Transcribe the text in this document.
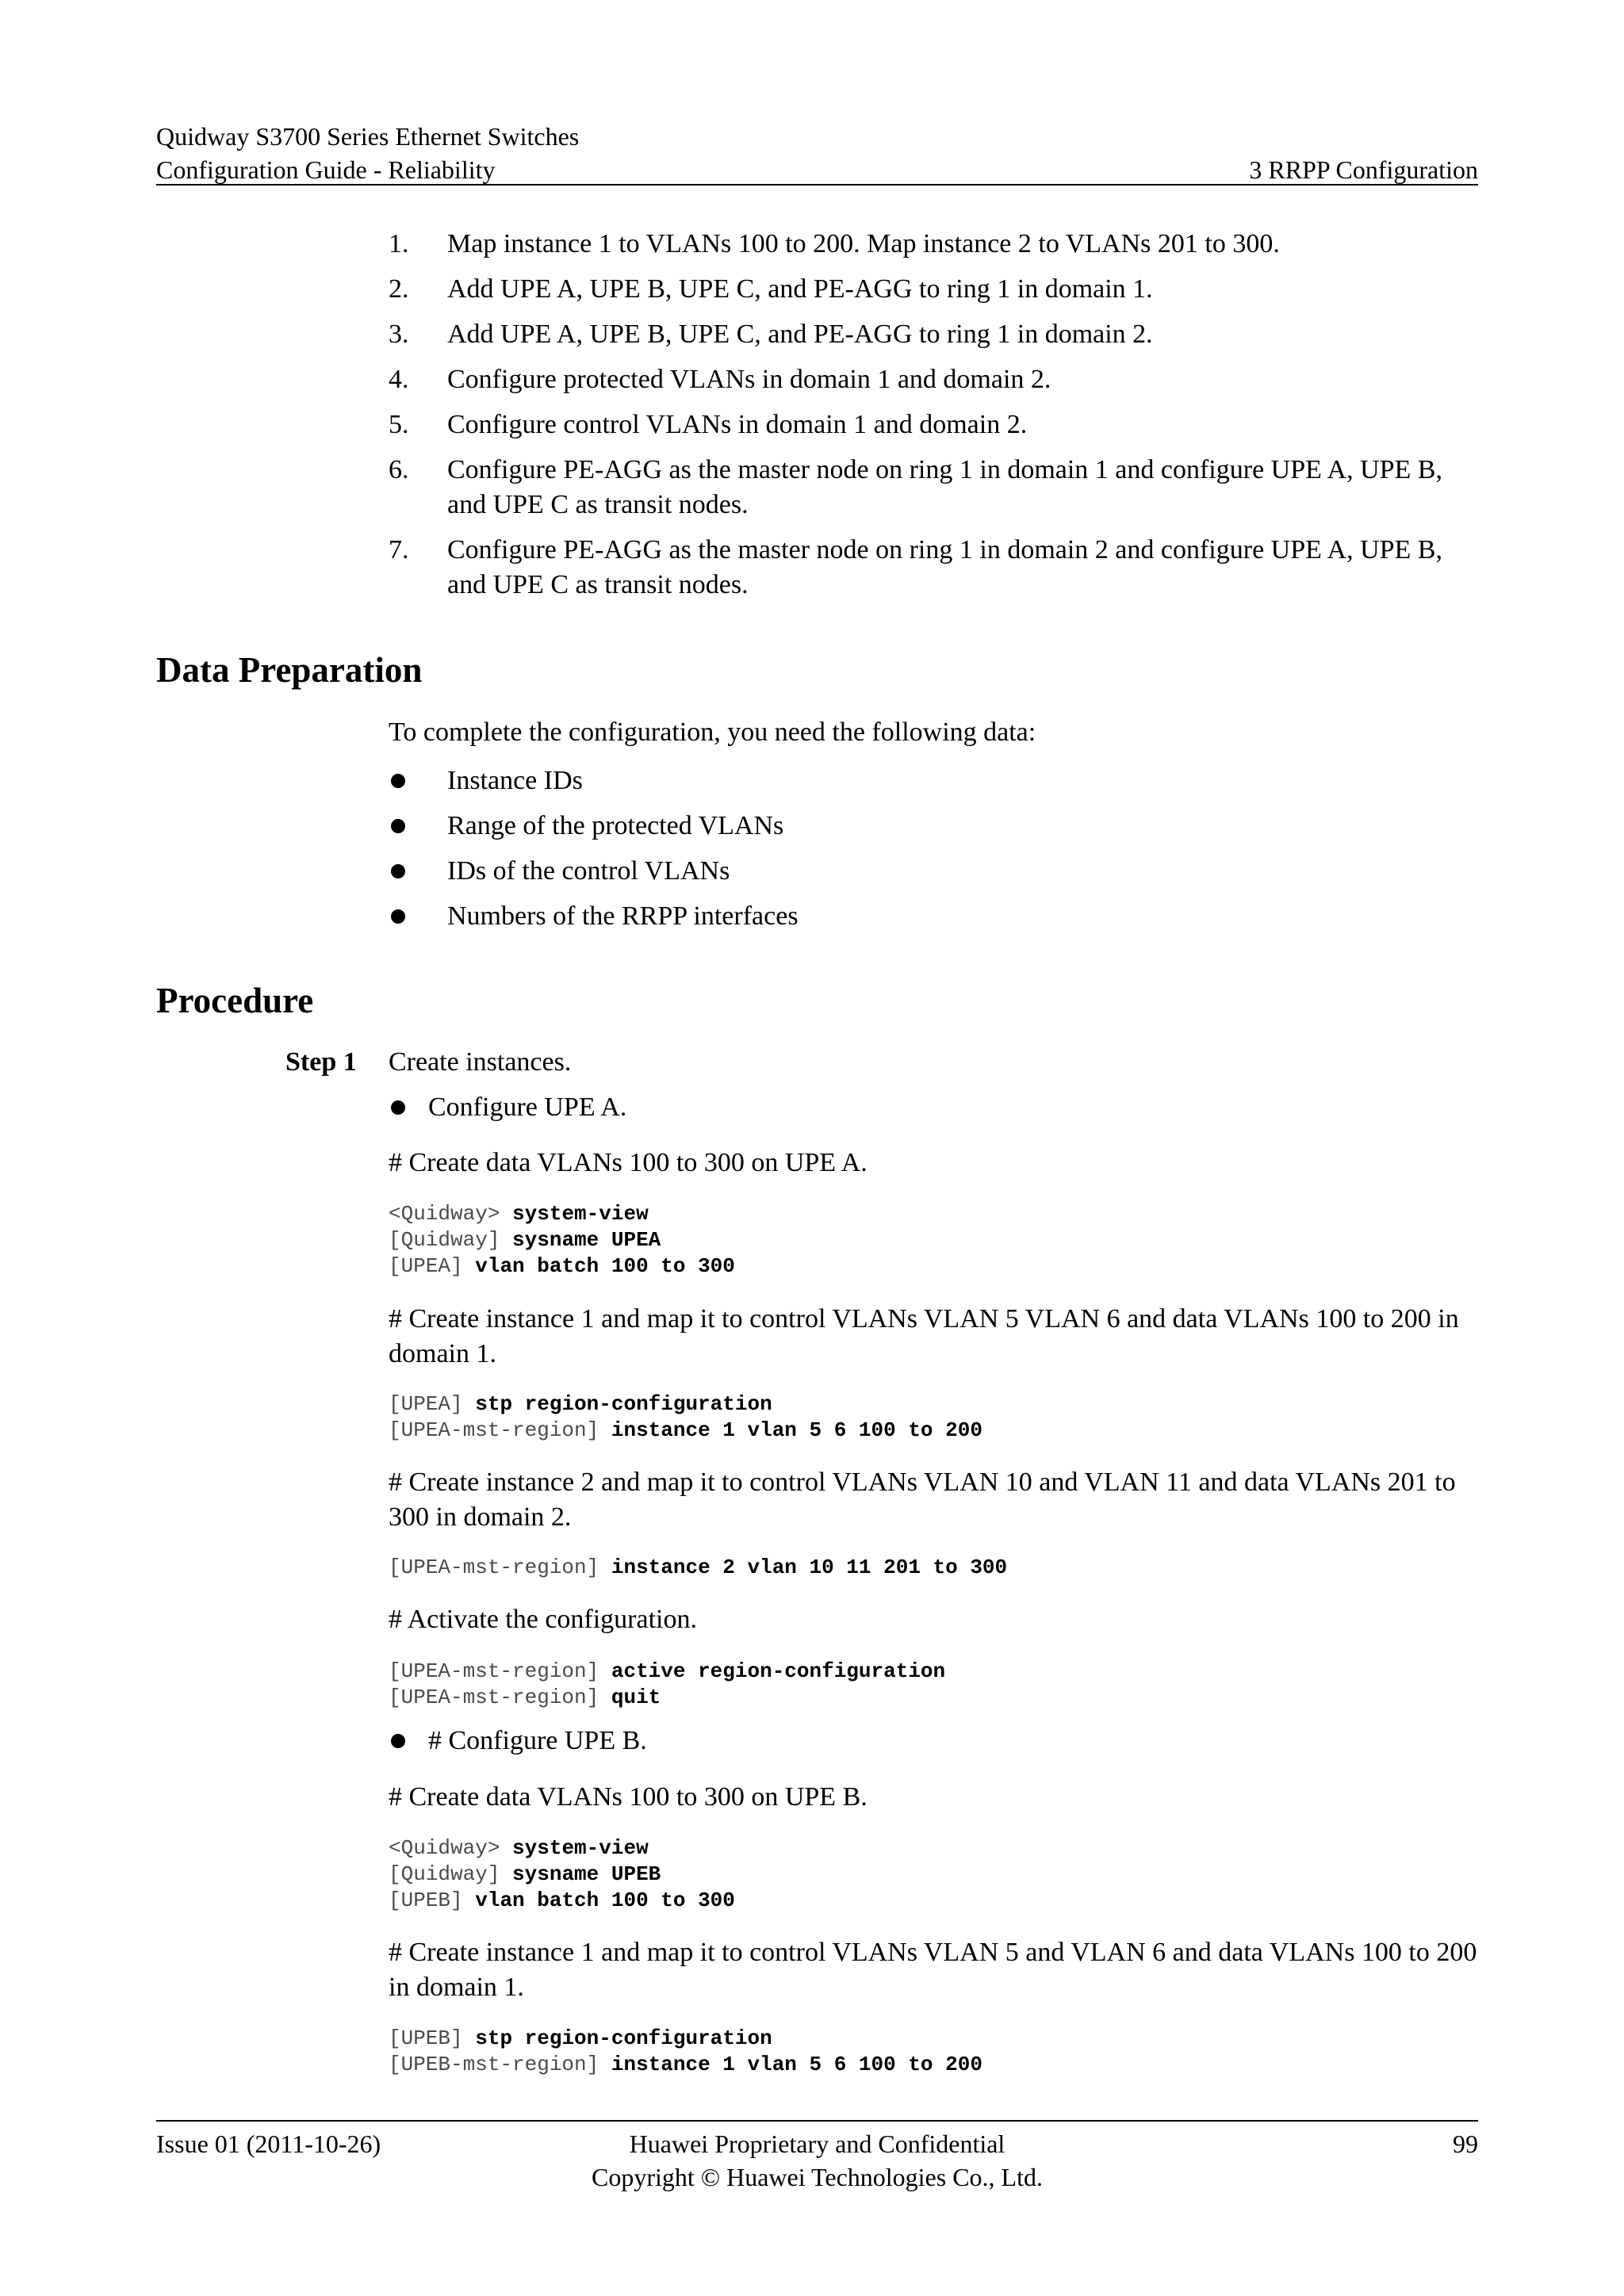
Quidway S3700 Series Ethernet Switches
Configuration Guide - Reliability	3 RRPP Configuration
1. Map instance 1 to VLANs 100 to 200. Map instance 2 to VLANs 201 to 300.
2. Add UPE A, UPE B, UPE C, and PE-AGG to ring 1 in domain 1.
3. Add UPE A, UPE B, UPE C, and PE-AGG to ring 1 in domain 2.
4. Configure protected VLANs in domain 1 and domain 2.
5. Configure control VLANs in domain 1 and domain 2.
6. Configure PE-AGG as the master node on ring 1 in domain 1 and configure UPE A, UPE B, and UPE C as transit nodes.
7. Configure PE-AGG as the master node on ring 1 in domain 2 and configure UPE A, UPE B, and UPE C as transit nodes.
Data Preparation
To complete the configuration, you need the following data:
Instance IDs
Range of the protected VLANs
IDs of the control VLANs
Numbers of the RRPP interfaces
Procedure
Step 1 Create instances.
Configure UPE A.
# Create data VLANs 100 to 300 on UPE A.
<Quidway> system-view
[Quidway] sysname UPEA
[UPEA] vlan batch 100 to 300
# Create instance 1 and map it to control VLANs VLAN 5 VLAN 6 and data VLANs 100 to 200 in domain 1.
[UPEA] stp region-configuration
[UPEA-mst-region] instance 1 vlan 5 6 100 to 200
# Create instance 2 and map it to control VLANs VLAN 10 and VLAN 11 and data VLANs 201 to 300 in domain 2.
[UPEA-mst-region] instance 2 vlan 10 11 201 to 300
# Activate the configuration.
[UPEA-mst-region] active region-configuration
[UPEA-mst-region] quit
# Configure UPE B.
# Create data VLANs 100 to 300 on UPE B.
<Quidway> system-view
[Quidway] sysname UPEB
[UPEB] vlan batch 100 to 300
# Create instance 1 and map it to control VLANs VLAN 5 and VLAN 6 and data VLANs 100 to 200 in domain 1.
[UPEB] stp region-configuration
[UPEB-mst-region] instance 1 vlan 5 6 100 to 200
Issue 01 (2011-10-26)	Huawei Proprietary and Confidential
Copyright © Huawei Technologies Co., Ltd.
99
